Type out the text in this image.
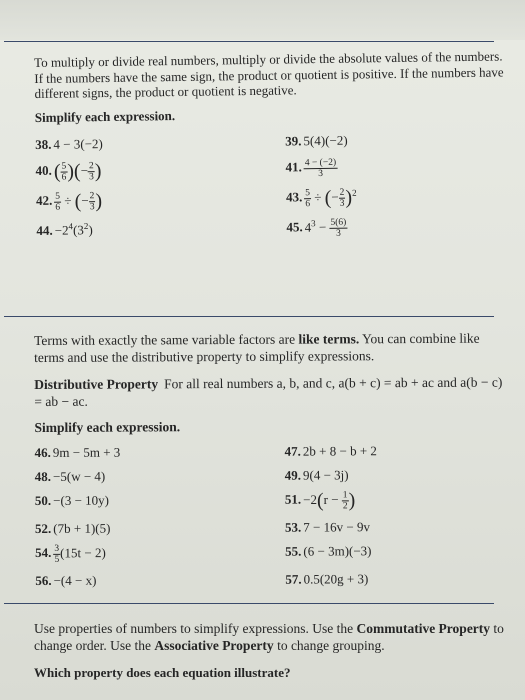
To multiply or divide real numbers, multiply or divide the absolute values of the numbers. If the numbers have the same sign, the product or quotient is positive. If the numbers have different signs, the product or quotient is negative.
Simplify each expression.
38. 4 − 3(−2)	39. 5(4)(−2)
$40.( \frac{5}{6}$ )(− $\frac{2}{3}$ )	41. $\frac{4 - (-2)}{3}$
42. $\frac{5}{6}$ ÷ (− $\frac{2}{3}$ )	43. $\frac{5}{6}$ ÷ (− $\frac{2}{3} )^2$
44. $-2^4(3^2)$	45. $4^3 - \frac{5(6)}{3}$
Terms with exactly the same variable factors are like terms. You can combine like terms and use the distributive property to simplify expressions.
Distributive Property For all real numbers a, b, and c, a(b + c) = ab + ac and a(b − c) = ab − ac.
Simplify each expression.
46. 9m − 5m + 3	47. 2b + 8 − b + 2
48. −5(w − 4)	49. 9(4 − 3j)
50. −(3 − 10y)	51. $-2(r - \frac{1}{2}$ )
52. (7b + 1)(5)	53. 7 − 16v − 9v
54. $\frac{3}{5} (15t - 2)$	55. (6 − 3m)(−3)
56. −(4 − x)	57. 0.5(20g + 3)
Use properties of numbers to simplify expressions. Use the Commutative Property to change order. Use the Associative Property to change grouping.
Which property does each equation illustrate?
